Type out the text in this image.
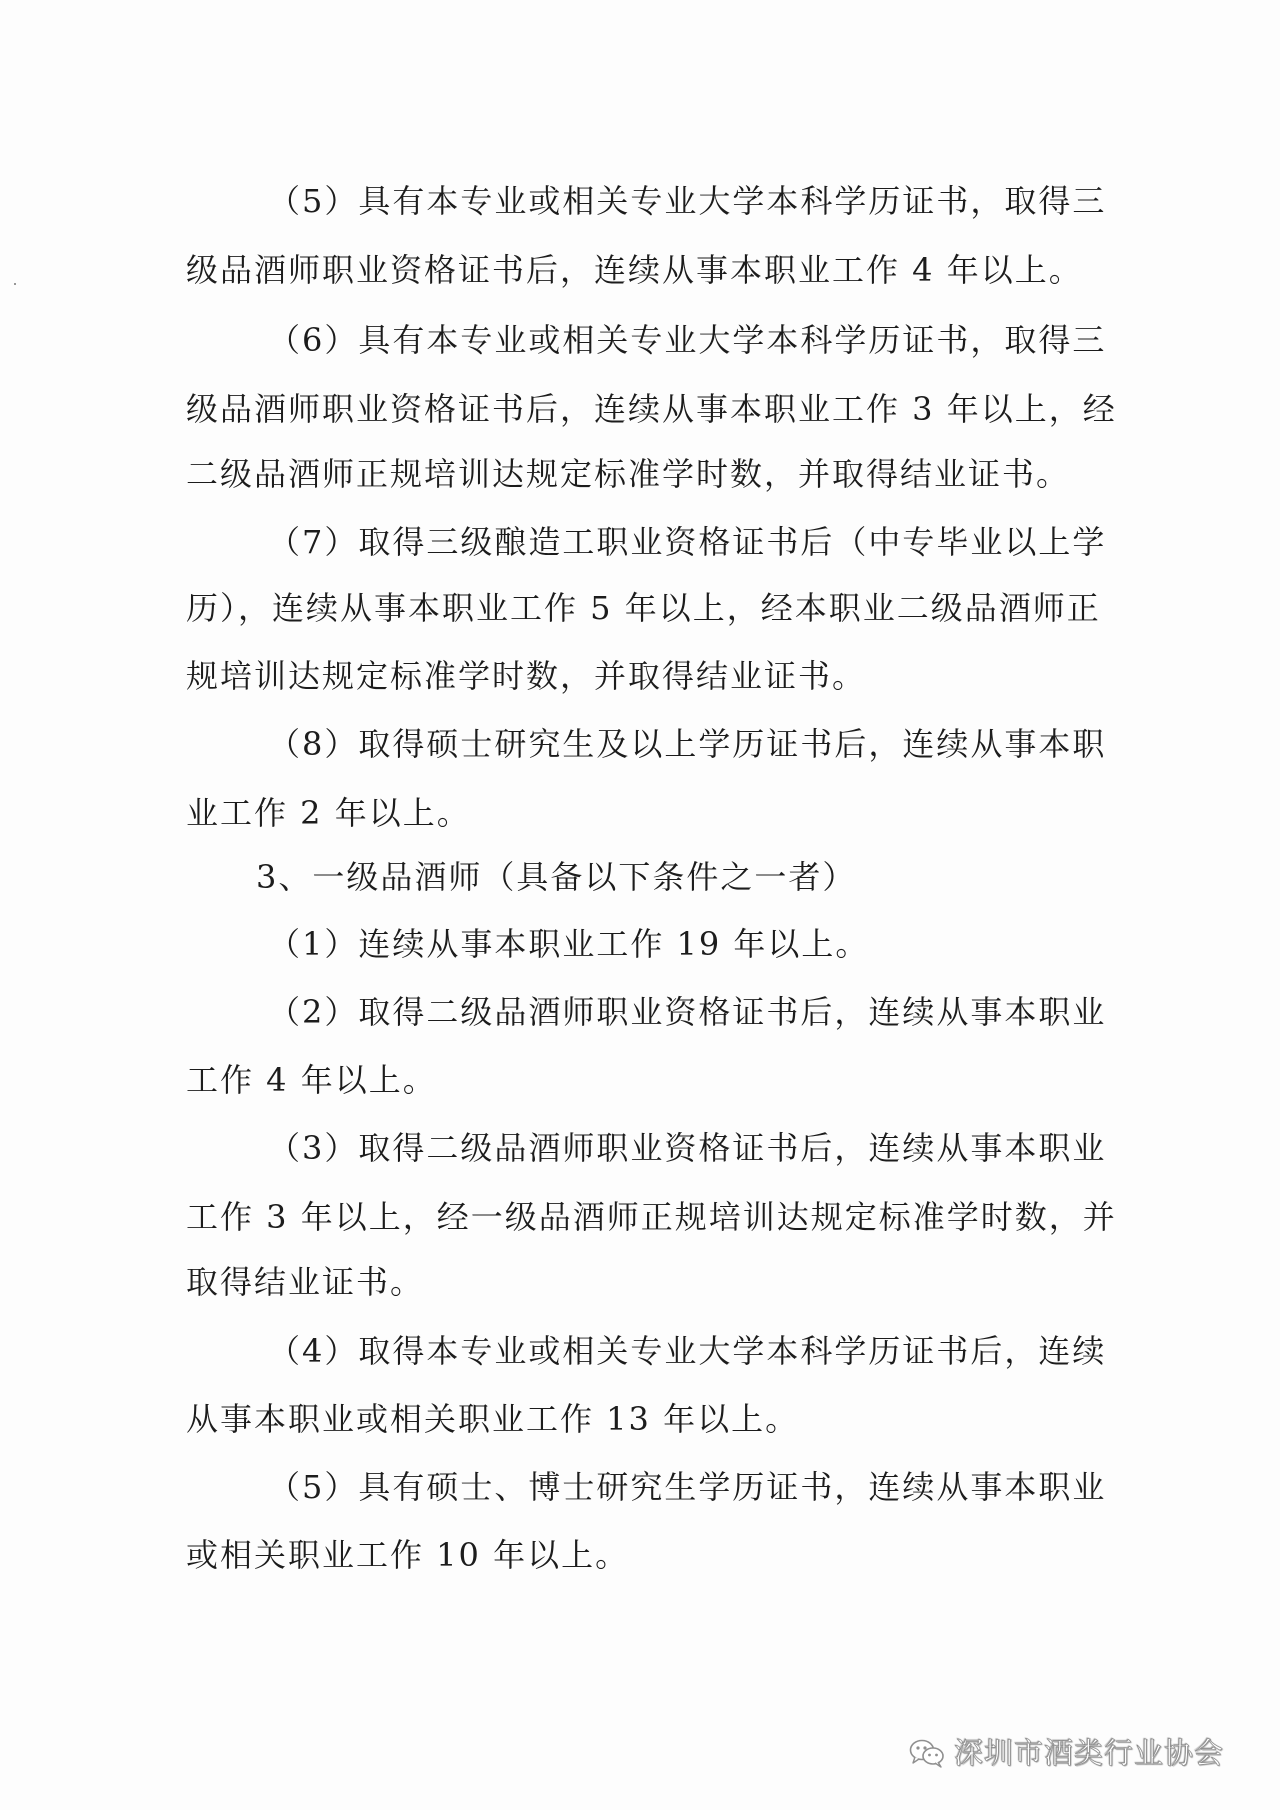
（5）具有本专业或相关专业大学本科学历证书，取得三
级品酒师职业资格证书后，连续从事本职业工作 4 年以上。
（6）具有本专业或相关专业大学本科学历证书，取得三
级品酒师职业资格证书后，连续从事本职业工作 3 年以上，经
二级品酒师正规培训达规定标准学时数，并取得结业证书。
（7）取得三级酿造工职业资格证书后（中专毕业以上学
历），连续从事本职业工作 5 年以上，经本职业二级品酒师正
规培训达规定标准学时数，并取得结业证书。
（8）取得硕士研究生及以上学历证书后，连续从事本职
业工作 2 年以上。
3、一级品酒师（具备以下条件之一者）
（1）连续从事本职业工作 19 年以上。
（2）取得二级品酒师职业资格证书后，连续从事本职业
工作 4 年以上。
（3）取得二级品酒师职业资格证书后，连续从事本职业
工作 3 年以上，经一级品酒师正规培训达规定标准学时数，并
取得结业证书。
（4）取得本专业或相关专业大学本科学历证书后，连续
从事本职业或相关职业工作 13 年以上。
（5）具有硕士、博士研究生学历证书，连续从事本职业
或相关职业工作 10 年以上。
深圳市酒类行业协会
